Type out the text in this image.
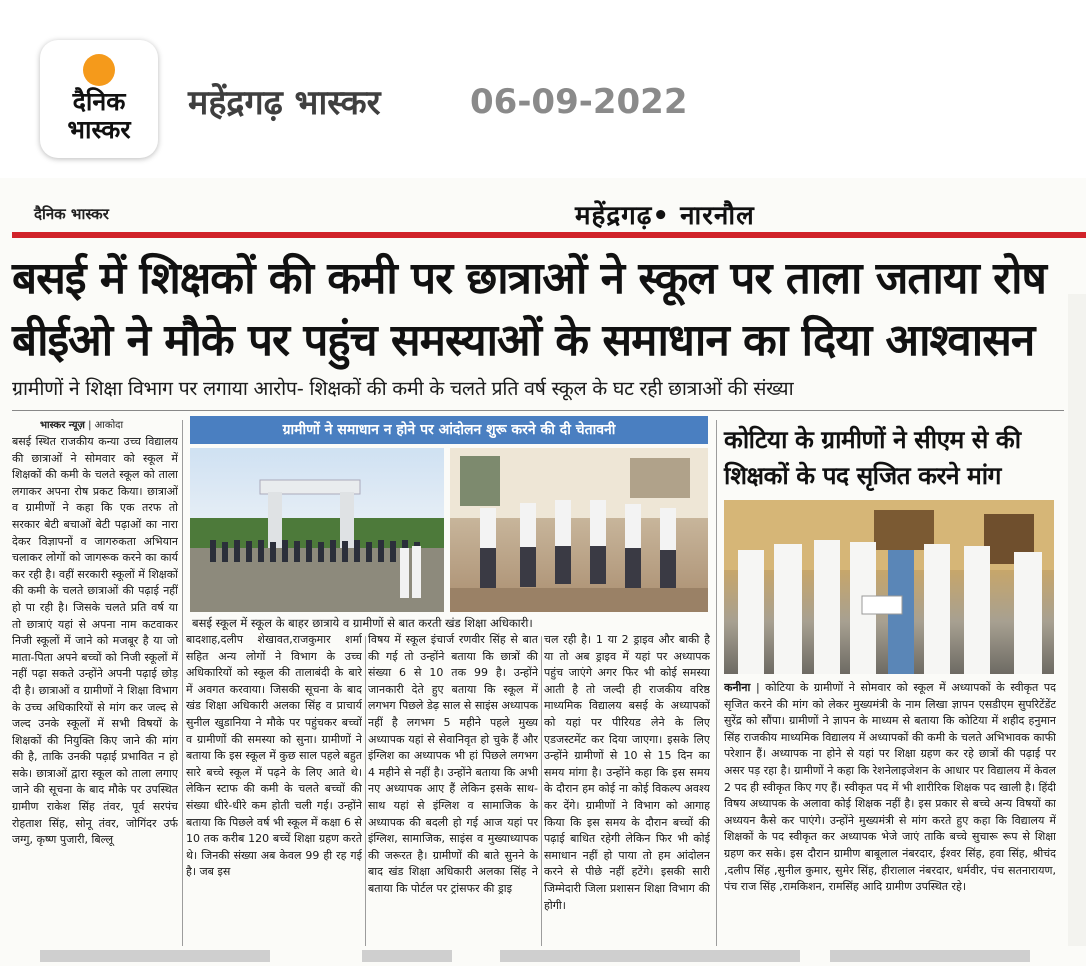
दैनिक
भास्कर
महेंद्रगढ़ भास्कर	06-09-2022
दैनिक भास्कर	महेंद्रगढ़• नारनौल
बसई में शिक्षकों की कमी पर छात्राओं ने स्कूल पर ताला जताया रोष
बीईओ ने मौके पर पहुंच समस्याओं के समाधान का दिया आश्वासन
ग्रामीणों ने शिक्षा विभाग पर लगाया आरोप- शिक्षकों की कमी के चलते प्रति वर्ष स्कूल के घट रही छात्राओं की संख्या
भास्कर न्यूज़ | आकोदा
बसई स्थित राजकीय कन्या उच्च विद्यालय की छात्राओं ने सोमवार को स्कूल में शिक्षकों की कमी के चलते स्कूल को ताला लगाकर अपना रोष प्रकट किया। छात्राओं व ग्रामीणों ने कहा कि एक तरफ तो सरकार बेटी बचाओं बेटी पढ़ाओं का नारा देकर विज्ञापनों व जागरुकता अभियान चलाकर लोगों को जागरूक करने का कार्य कर रही है। वहीं सरकारी स्कूलों में शिक्षकों की कमी के चलते छात्राओं की पढ़ाई नहीं हो पा रही है। जिसके चलते प्रति वर्ष या तो छात्राएं यहां से अपना नाम कटवाकर निजी स्कूलों में जाने को मजबूर है या जो माता-पिता अपने बच्चों को निजी स्कूलों में नहीं पढ़ा सकते उन्होंने अपनी पढ़ाई छोड़ दी है। छात्राओं व ग्रामीणों ने शिक्षा विभाग के उच्च अधिकारियों से मांग कर जल्द से जल्द उनके स्कूलों में सभी विषयों के शिक्षकों की नियुक्ति किए जाने की मांग की है, ताकि उनकी पढ़ाई प्रभावित न हो सके। छात्राओं द्वारा स्कूल को ताला लगाए जाने की सूचना के बाद मौके पर उपस्थित ग्रामीण राकेश सिंह तंवर, पूर्व सरपंच रोहताश सिंह, सोनू तंवर, जोगिंदर उर्फ जग्गु, कृष्ण पुजारी, बिल्लू
ग्रामीणों ने समाधान न होने पर आंदोलन शुरू करने की दी चेतावनी
बसई स्कूल में स्कूल के बाहर छात्राये व ग्रामीणों से बात करती खंड शिक्षा अधिकारी।
बादशाह,दलीप शेखावत,राजकुमार शर्मा सहित अन्य लोगों ने विभाग के उच्च अधिकारियों को स्कूल की तालाबंदी के बारे में अवगत करवाया। जिसकी सूचना के बाद खंड शिक्षा अधिकारी अलका सिंह व प्राचार्य सुनील खुडानिया ने मौके पर पहुंचकर बच्चों व ग्रामीणों की समस्या को सुना। ग्रामीणों ने बताया कि इस स्कूल में कुछ साल पहले बहुत सारे बच्चे स्कूल में पढ़ने के लिए आते थे। लेकिन स्टाफ की कमी के चलते बच्चों की संख्या धीरे-धीरे कम होती चली गई। उन्होंने बताया कि पिछले वर्ष भी स्कूल में कक्षा 6 से 10 तक करीब 120 बच्चें शिक्षा ग्रहण करते थे। जिनकी संख्या अब केवल 99 ही रह गई है। जब इस
विषय में स्कूल इंचार्ज रणवीर सिंह से बात की गई तो उन्होंने बताया कि छात्रों की संख्या 6 से 10 तक 99 है। उन्होंने जानकारी देते हुए बताया कि स्कूल में लगभग पिछले डेढ़ साल से साइंस अध्यापक नहीं है लगभग 5 महीने पहले मुख्य अध्यापक यहां से सेवानिवृत हो चुके हैं और इंग्लिश का अध्यापक भी हां पिछले लगभग 4 महीने से नहीं है। उन्होंने बताया कि अभी नए अध्यापक आए हैं लेकिन इसके साथ-साथ यहां से इंग्लिश व सामाजिक के अध्यापक की बदली हो गई आज यहां पर इंग्लिश, सामाजिक, साइंस व मुख्याध्यापक की जरूरत है। ग्रामीणों की बाते सुनने के बाद खंड शिक्षा अधिकारी अलका सिंह ने बताया कि पोर्टल पर ट्रांसफर की ड्राइ
चल रही है। 1 या 2 ड्राइव और बाकी है या तो अब ड्राइव में यहां पर अध्यापक पहुंच जाएंगे अगर फिर भी कोई समस्या आती है तो जल्दी ही राजकीय वरिष्ठ माध्यमिक विद्यालय बसई के अध्यापकों को यहां पर पीरियड लेने के लिए एडजस्टमेंट कर दिया जाएगा। इसके लिए उन्होंने ग्रामीणों से 10 से 15 दिन का समय मांगा है। उन्होंने कहा कि इस समय के दौरान हम कोई ना कोई विकल्प अवश्य कर देंगे। ग्रामीणों ने विभाग को आगाह किया कि इस समय के दौरान बच्चों की पढ़ाई बाधित रहेगी लेकिन फिर भी कोई समाधान नहीं हो पाया तो हम आंदोलन करने से पीछे नहीं हटेंगे। इसकी सारी जिम्मेदारी जिला प्रशासन शिक्षा विभाग की होगी।
कोटिया के ग्रामीणों ने सीएम से की शिक्षकों के पद सृजित करने मांग
कनीना | कोटिया के ग्रामीणों ने सोमवार को स्कूल में अध्यापकों के स्वीकृत पद सृजित करने की मांग को लेकर मुख्यमंत्री के नाम लिखा ज्ञापन एसडीएम सुपरिटेंडेंट सुरेंद्र को सौंपा। ग्रामीणों ने ज्ञापन के माध्यम से बताया कि कोटिया में शहीद हनुमान सिंह राजकीय माध्यमिक विद्यालय में अध्यापकों की कमी के चलते अभिभावक काफी परेशान हैं। अध्यापक ना होने से यहां पर शिक्षा ग्रहण कर रहे छात्रों की पढ़ाई पर असर पड़ रहा है। ग्रामीणों ने कहा कि रेशनेलाइजेशन के आधार पर विद्यालय में केवल 2 पद ही स्वीकृत किए गए हैं। स्वीकृत पद में भी शारीरिक शिक्षक पद खाली है। हिंदी विषय अध्यापक के अलावा कोई शिक्षक नहीं है। इस प्रकार से बच्चे अन्य विषयों का अध्ययन कैसे कर पाएंगे। उन्होंने मुख्यमंत्री से मांग करते हुए कहा कि विद्यालय में शिक्षकों के पद स्वीकृत कर अध्यापक भेजे जाएं ताकि बच्चे सुचारू रूप से शिक्षा ग्रहण कर सके। इस दौरान ग्रामीण बाबूलाल नंबरदार, ईश्वर सिंह, हवा सिंह, श्रीचंद ,दलीप सिंह ,सुनील कुमार, सुमेर सिंह, हीरालाल नंबरदार, धर्मवीर, पंच सतनारायण, पंच राज सिंह ,रामकिशन, रामसिंह आदि ग्रामीण उपस्थित रहे।
